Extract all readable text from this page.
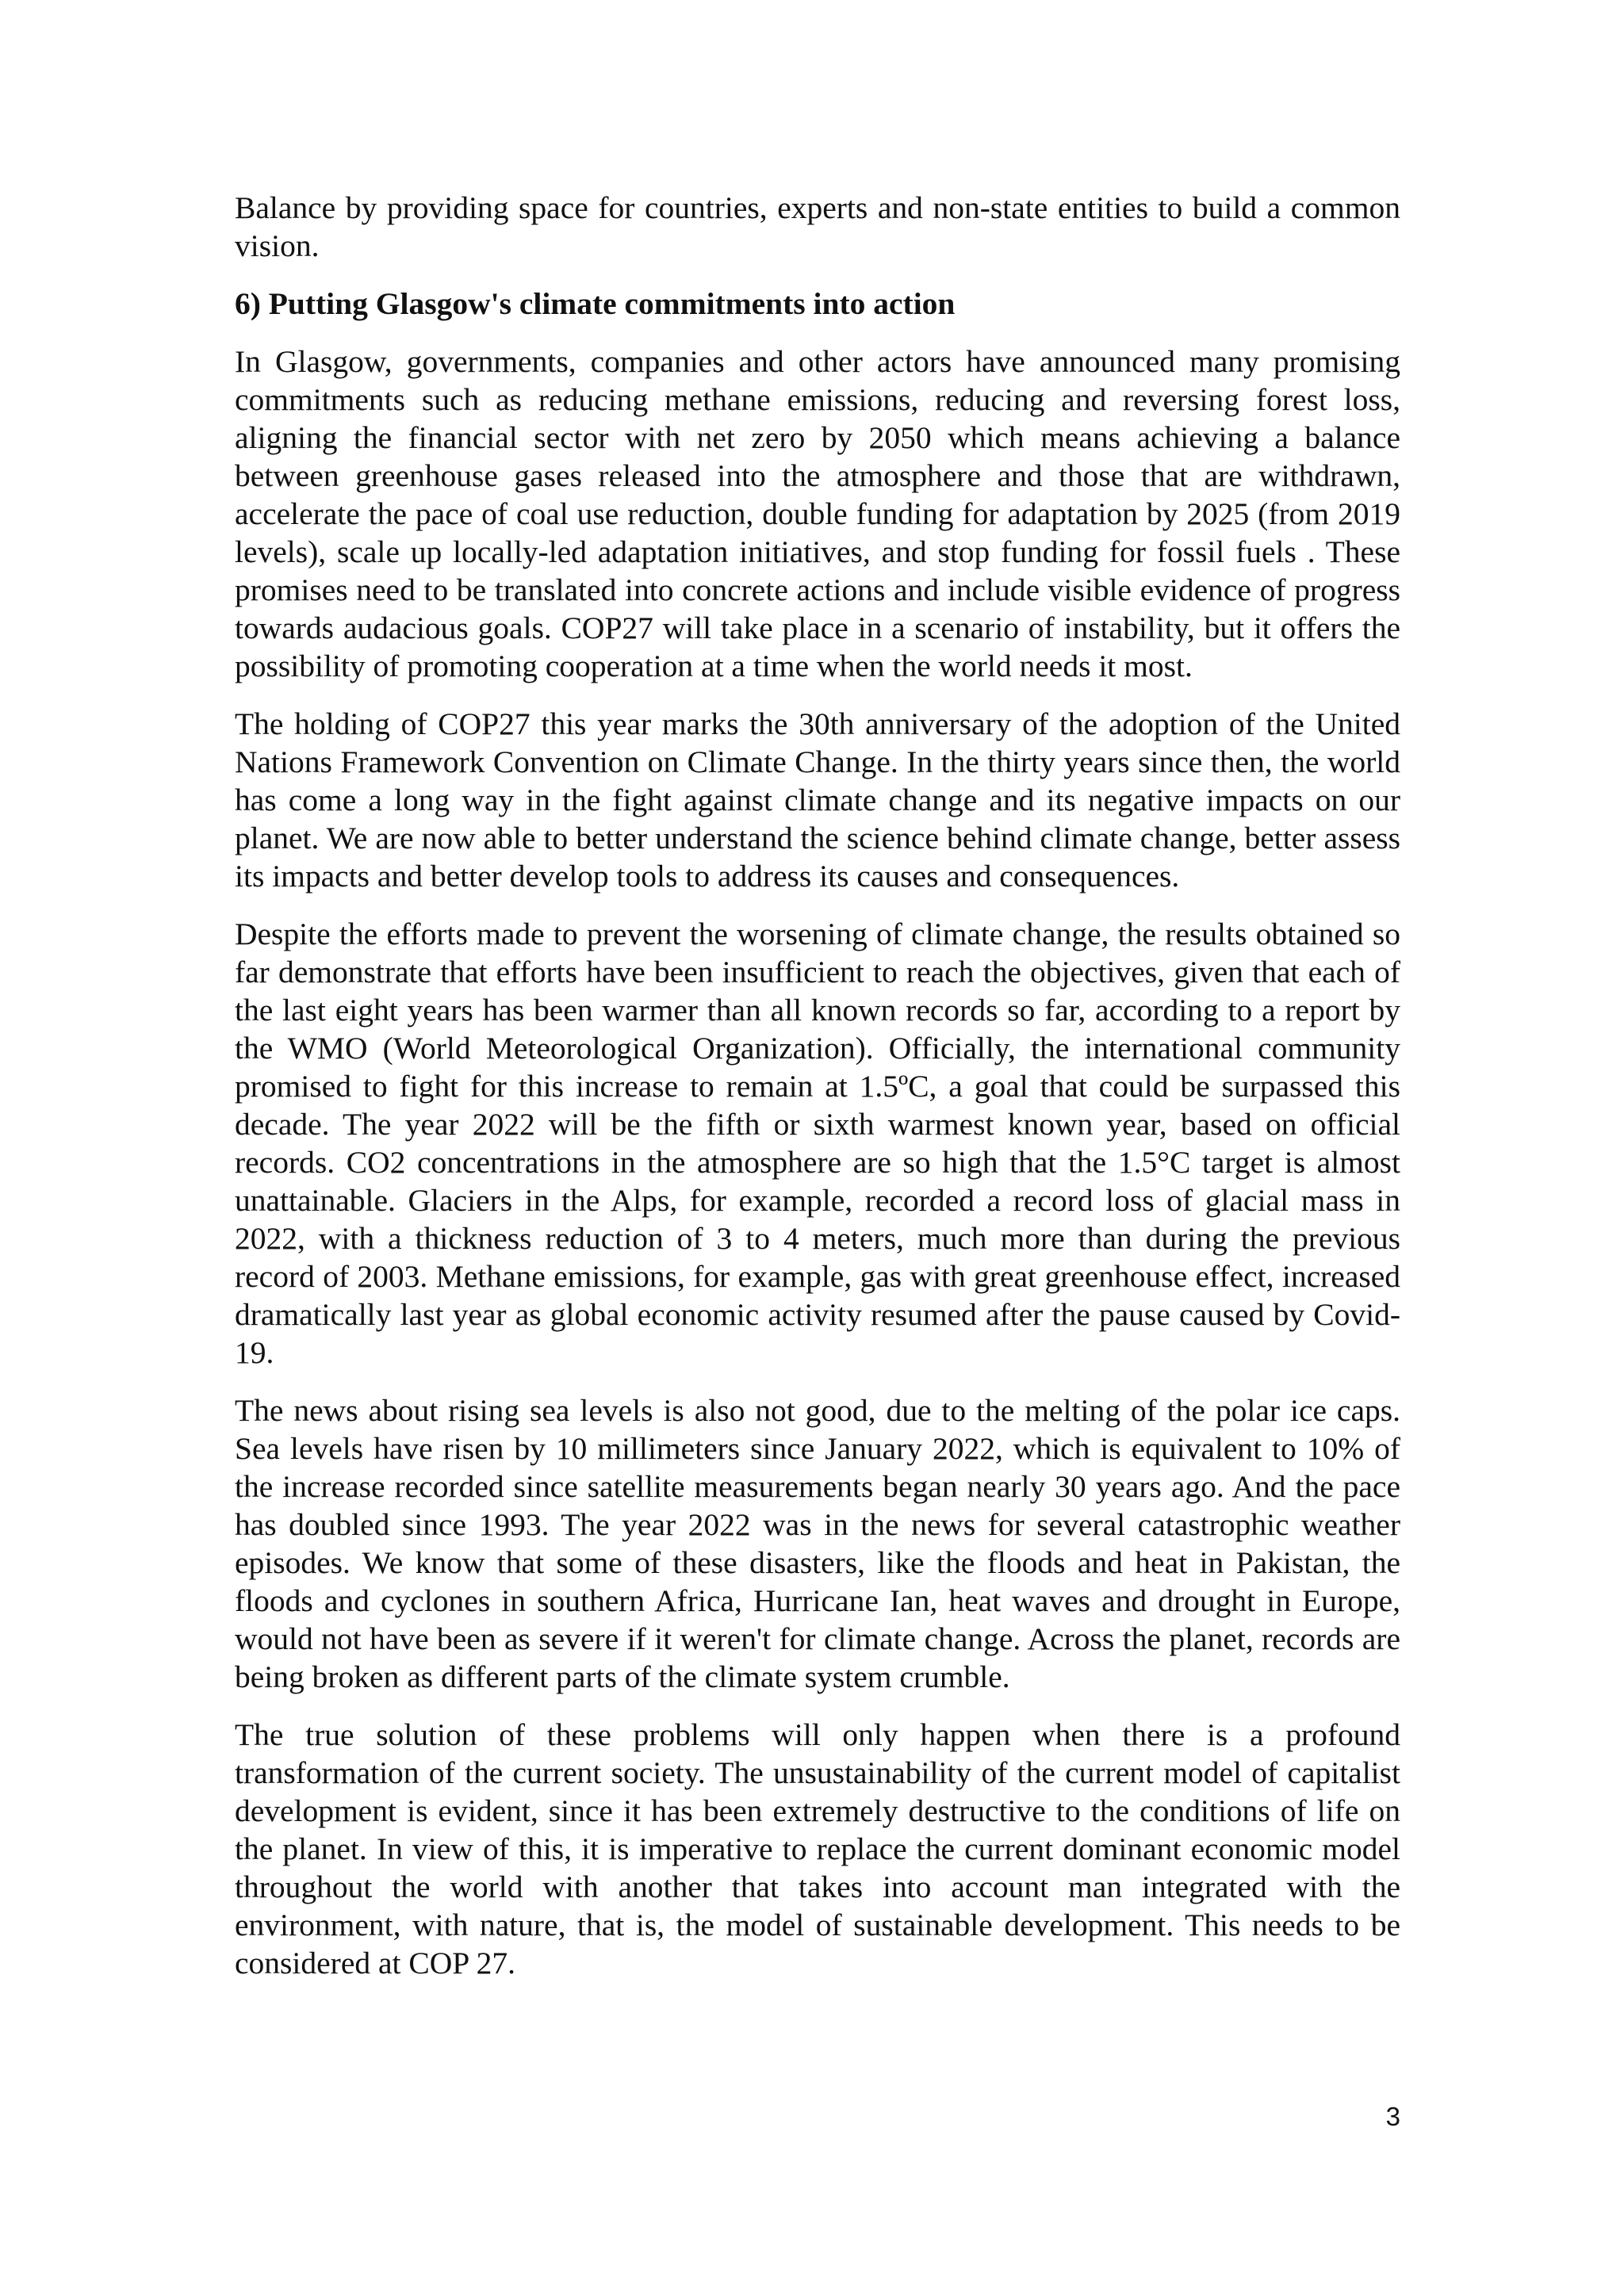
Balance by providing space for countries, experts and non-state entities to build a common vision.

6) Putting Glasgow's climate commitments into action

In Glasgow, governments, companies and other actors have announced many promising commitments such as reducing methane emissions, reducing and reversing forest loss, aligning the financial sector with net zero by 2050 which means achieving a balance between greenhouse gases released into the atmosphere and those that are withdrawn, accelerate the pace of coal use reduction, double funding for adaptation by 2025 (from 2019 levels), scale up locally-led adaptation initiatives, and stop funding for fossil fuels . These promises need to be translated into concrete actions and include visible evidence of progress towards audacious goals. COP27 will take place in a scenario of instability, but it offers the possibility of promoting cooperation at a time when the world needs it most.

The holding of COP27 this year marks the 30th anniversary of the adoption of the United Nations Framework Convention on Climate Change. In the thirty years since then, the world has come a long way in the fight against climate change and its negative impacts on our planet. We are now able to better understand the science behind climate change, better assess its impacts and better develop tools to address its causes and consequences.

Despite the efforts made to prevent the worsening of climate change, the results obtained so far demonstrate that efforts have been insufficient to reach the objectives, given that each of the last eight years has been warmer than all known records so far, according to a report by the WMO (World Meteorological Organization). Officially, the international community promised to fight for this increase to remain at 1.5ºC, a goal that could be surpassed this decade. The year 2022 will be the fifth or sixth warmest known year, based on official records. CO2 concentrations in the atmosphere are so high that the 1.5°C target is almost unattainable. Glaciers in the Alps, for example, recorded a record loss of glacial mass in 2022, with a thickness reduction of 3 to 4 meters, much more than during the previous record of 2003. Methane emissions, for example, gas with great greenhouse effect, increased dramatically last year as global economic activity resumed after the pause caused by Covid-19.

The news about rising sea levels is also not good, due to the melting of the polar ice caps. Sea levels have risen by 10 millimeters since January 2022, which is equivalent to 10% of the increase recorded since satellite measurements began nearly 30 years ago. And the pace has doubled since 1993. The year 2022 was in the news for several catastrophic weather episodes. We know that some of these disasters, like the floods and heat in Pakistan, the floods and cyclones in southern Africa, Hurricane Ian, heat waves and drought in Europe, would not have been as severe if it weren't for climate change. Across the planet, records are being broken as different parts of the climate system crumble.

The true solution of these problems will only happen when there is a profound transformation of the current society. The unsustainability of the current model of capitalist development is evident, since it has been extremely destructive to the conditions of life on the planet. In view of this, it is imperative to replace the current dominant economic model throughout the world with another that takes into account man integrated with the environment, with nature, that is, the model of sustainable development. This needs to be considered at COP 27.

3
